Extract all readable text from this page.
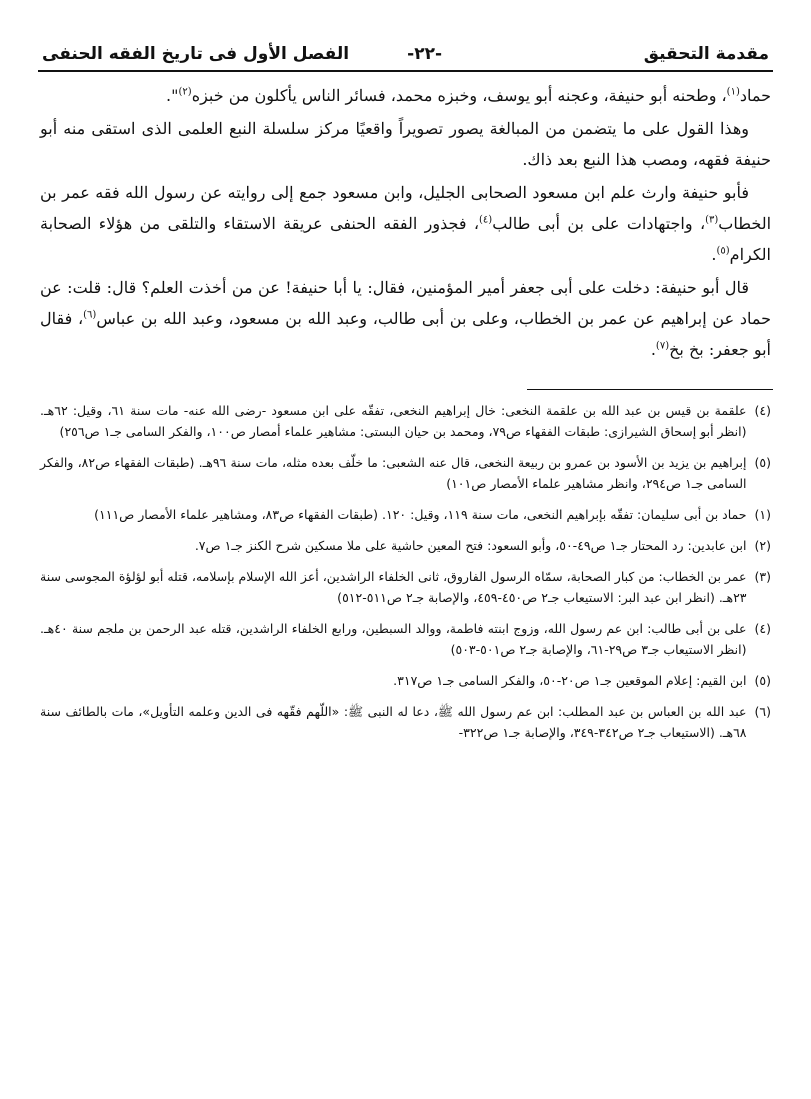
مقدمة التحقيق
-٢٢-
الفصل الأول فى تاريخ الفقه الحنفى

حماد$^{(١)}$، وطحنه أبو حنيفة، وعجنه أبو يوسف، وخبزه محمد، فسائر الناس يأكلون من خبزه$^{(٢)}$".

وهذا القول على ما يتضمن من المبالغة يصور تصويراً واقعيًا مركز سلسلة النبع العلمى الذى استقى منه أبو حنيفة فقهه، ومصب هذا النبع بعد ذاك.

فأبو حنيفة وارث علم ابن مسعود الصحابى الجليل، وابن مسعود جمع إلى روايته عن رسول الله فقه عمر بن الخطاب$^{(٣)}$، واجتهادات على بن أبى طالب$^{(٤)}$، فجذور الفقه الحنفى عريقة الاستقاء والتلقى من هؤلاء الصحابة الكرام$^{(٥)}$.

قال أبو حنيفة: دخلت على أبى جعفر أمير المؤمنين، فقال: يا أبا حنيفة! عن من أخذت العلم؟ قال: قلت: عن حماد عن إبراهيم عن عمر بن الخطاب، وعلى بن أبى طالب، وعبد الله بن مسعود، وعبد الله بن عباس$^{(٦)}$، فقال أبو جعفر: بخ بخ$^{(٧)}$.

(٤)
علقمة بن قيس بن عبد الله بن علقمة النخعى: خال إبراهيم النخعى، تفقّه على ابن مسعود -رضى الله عنه- مات سنة ٦١، وقيل: ٦٢هـ. (انظر أبو إسحاق الشيرازى: طبقات الفقهاء ص٧٩، ومحمد بن حيان البستى: مشاهير علماء أمصار ص١٠٠، والفكر السامى جـ١ ص٢٥٦)
(٥)
إبراهيم بن يزيد بن الأسود بن عمرو بن ربيعة النخعى، قال عنه الشعبى: ما خلّف بعده مثله، مات سنة ٩٦هـ. (طبقات الفقهاء ص٨٢، والفكر السامى جـ١ ص٢٩٤، وانظر مشاهير علماء الأمصار ص١٠١)
(١)
حماد بن أبى سليمان: تفقّه بإبراهيم النخعى، مات سنة ١١٩، وقيل: ١٢٠. (طبقات الفقهاء ص٨٣، ومشاهير علماء الأمصار ص١١١)
(٢)
ابن عابدين: رد المحتار جـ١ ص٤٩-٥٠، وأبو السعود: فتح المعين حاشية على ملا مسكين شرح الكنز جـ١ ص٧.
(٣)
عمر بن الخطاب: من كبار الصحابة، سمّاه الرسول الفاروق، ثانى الخلفاء الراشدين، أعز الله الإسلام بإسلامه، قتله أبو لؤلؤة المجوسى سنة ٢٣هـ. (انظر ابن عبد البر: الاستيعاب جـ٢ ص٤٥٠-٤٥٩، والإصابة جـ٢ ص٥١١-٥١٢)
(٤)
على بن أبى طالب: ابن عم رسول الله، وزوج ابنته فاطمة، ووالد السبطين، ورابع الخلفاء الراشدين، قتله عبد الرحمن بن ملجم سنة ٤٠هـ. (انظر الاستيعاب جـ٣ ص٢٩-٦١، والإصابة جـ٢ ص٥٠١-٥٠٣)
(٥)
ابن القيم: إعلام الموقعين جـ١ ص٢٠-٥٠، والفكر السامى جـ١ ص٣١٧.
(٦)
عبد الله بن العباس بن عبد المطلب: ابن عم رسول الله ﷺ، دعا له النبى ﷺ: «اللّهم فقّهه فى الدين وعلمه التأويل»، مات بالطائف سنة ٦٨هـ. (الاستيعاب جـ٢ ص٣٤٢-٣٤٩، والإصابة جـ١ ص٣٢٢-
